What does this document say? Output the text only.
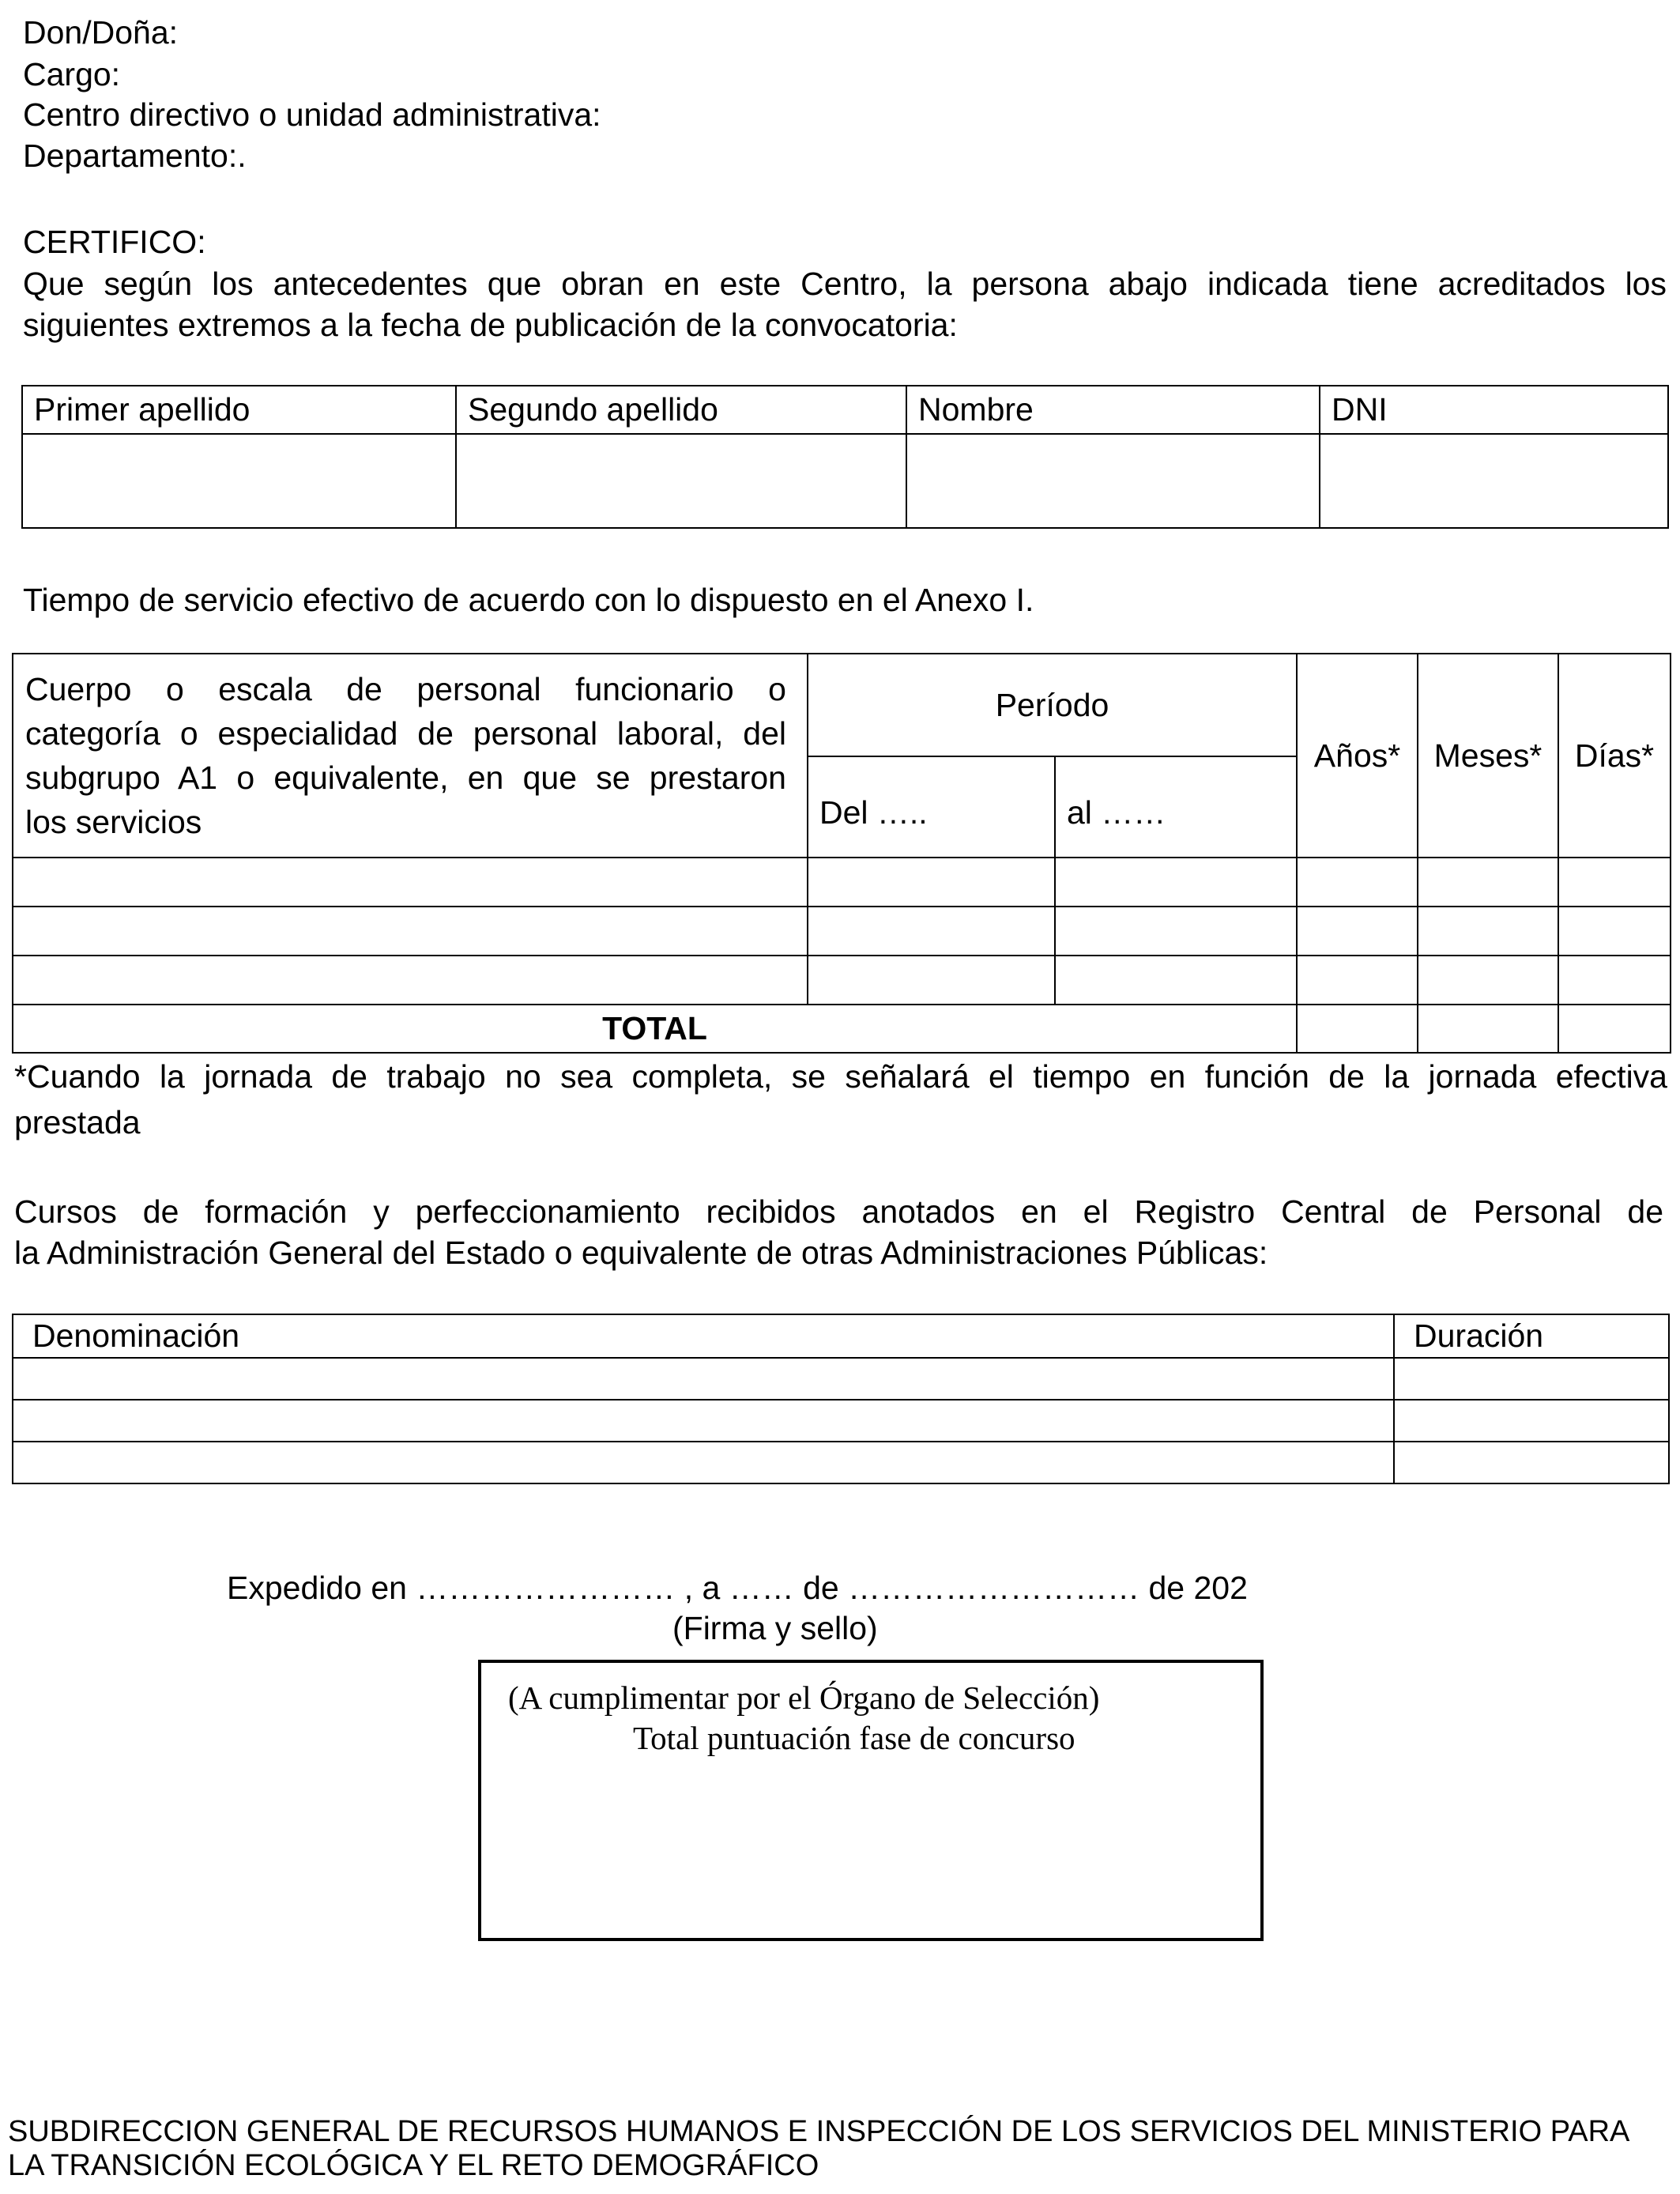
Don/Doña:
Cargo:
Centro directivo o unidad administrativa:
Departamento:.
CERTIFICO:
Que según los antecedentes que obran en este Centro, la persona abajo indicada tiene acreditados los
siguientes extremos a la fecha de publicación de la convocatoria:
Primer apellido	Segundo apellido	Nombre	DNI

Tiempo de servicio efectivo de acuerdo con lo dispuesto en el Anexo I.
Cuerpo o escala de personal funcionario o
categoría o especialidad de personal laboral, del
subgrupo A1 o equivalente, en que se prestaron
los servicios	Período		Años*	Meses*	Días*
	Del …..	al ……			

TOTAL					
*Cuando la jornada de trabajo no sea completa, se señalará el tiempo en función de la jornada efectiva
prestada
Cursos de formación y perfeccionamiento recibidos anotados en el Registro Central de Personal de
la Administración General del Estado o equivalente de otras Administraciones Públicas:
Denominación	Duración

Expedido en …………………… , a …… de ……………………… de 202
(Firma y sello)
(A cumplimentar por el Órgano de Selección)
Total puntuación fase de concurso
SUBDIRECCION GENERAL DE RECURSOS HUMANOS E INSPECCIÓN DE LOS SERVICIOS DEL MINISTERIO PARA
LA TRANSICIÓN ECOLÓGICA Y EL RETO DEMOGRÁFICO
